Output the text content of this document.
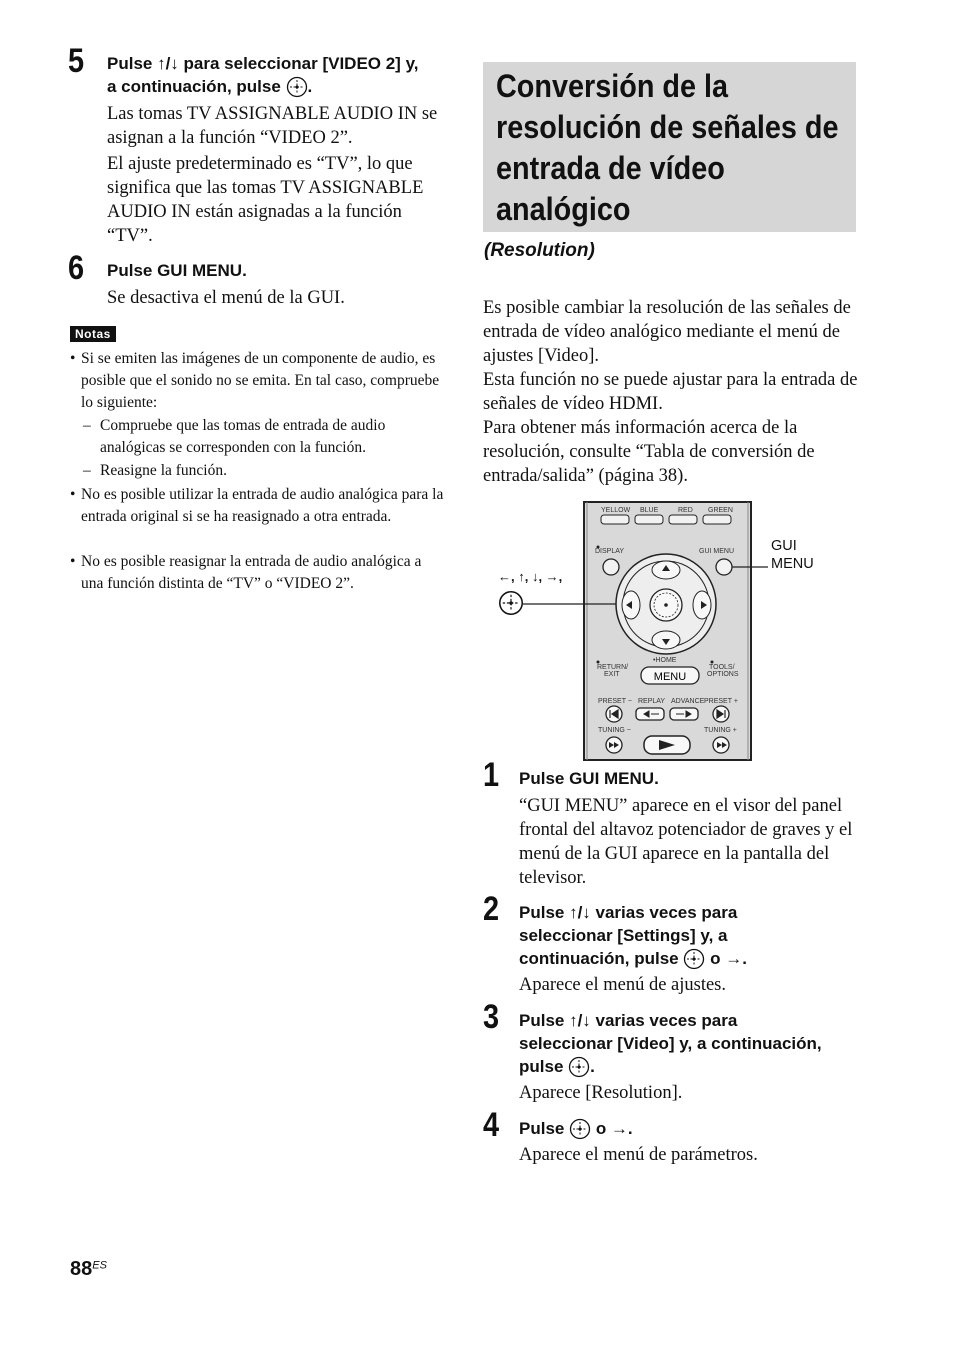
5 Pulse ↑/↓ para seleccionar [VIDEO 2] y,
a continuación, pulse .
Las tomas TV ASSIGNABLE AUDIO IN se asignan a la función “VIDEO 2”.
El ajuste predeterminado es “TV”, lo que significa que las tomas TV ASSIGNABLE AUDIO IN están asignadas a la función “TV”.
6 Pulse GUI MENU.
Se desactiva el menú de la GUI.
Notas
• Si se emiten las imágenes de un componente de audio, es posible que el sonido no se emita. En tal caso, compruebe lo siguiente:
– Compruebe que las tomas de entrada de audio analógicas se corresponden con la función.
– Reasigne la función.
• No es posible utilizar la entrada de audio analógica para la entrada original si se ha reasignado a otra entrada.
• No es posible reasignar la entrada de audio analógica a una función distinta de “TV” o “VIDEO 2”.
Conversión de la
resolución de señales de
entrada de vídeo
analógico
(Resolution)
Es posible cambiar la resolución de las señales de entrada de vídeo analógico mediante el menú de ajustes [Video].
Esta función no se puede ajustar para la entrada de señales de vídeo HDMI.
Para obtener más información acerca de la resolución, consulte “Tabla de conversión de entrada/salida” (página 38).
YELLOW BLUE	RED GREEN
DISPLAY	GUI MENU
•HOME
RETURN/
EXIT
TOOLS/
OPTIONS
MENU
PRESET − REPLAY ADVANCE PRESET +
TUNING −	TUNING +
GUI
MENU
←, ↑, ↓, →,
1 Pulse GUI MENU.
“GUI MENU” aparece en el visor del panel frontal del altavoz potenciador de graves y el menú de la GUI aparece en la pantalla del televisor.
2 Pulse ↑/↓ varias veces para
seleccionar [Settings] y, a
continuación, pulse o →.
Aparece el menú de ajustes.
3 Pulse ↑/↓ varias veces para
seleccionar [Video] y, a continuación,
pulse .
Aparece [Resolution].
4 Pulse o →.
Aparece el menú de parámetros.
$88^{ES}$
